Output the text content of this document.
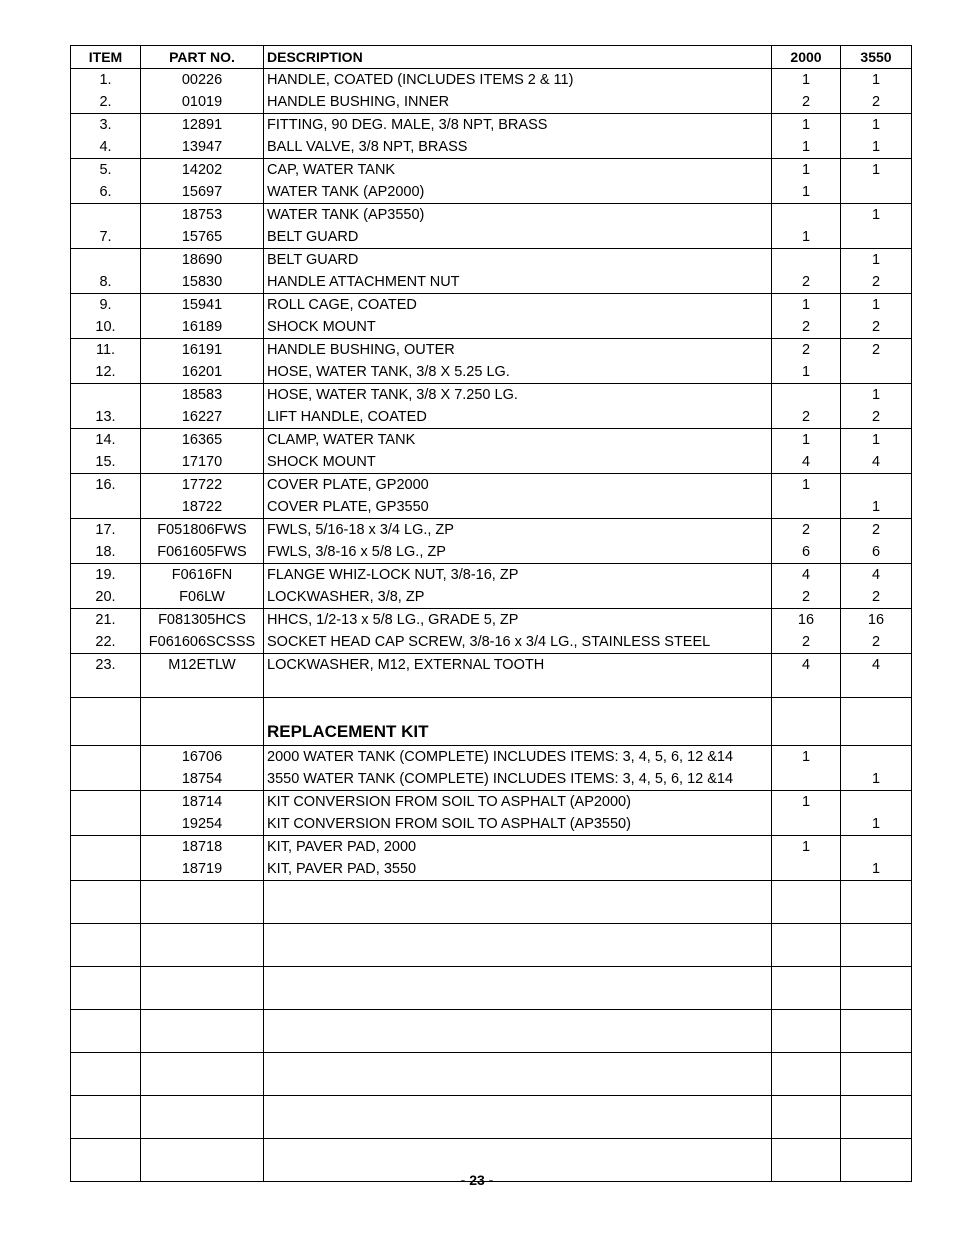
ITEM	PART NO.	DESCRIPTION	2000	3550
1.	00226	HANDLE, COATED (INCLUDES ITEMS 2 & 11)	1	1
2.	01019	HANDLE BUSHING, INNER	2	2
3.	12891	FITTING, 90 DEG. MALE, 3/8 NPT, BRASS	1	1
4.	13947	BALL VALVE, 3/8 NPT, BRASS	1	1
5.	14202	CAP, WATER TANK	1	1
6.	15697	WATER TANK (AP2000)	1	
	18753	WATER TANK (AP3550)		1
7.	15765	BELT GUARD	1	
	18690	BELT GUARD		1
8.	15830	HANDLE ATTACHMENT NUT	2	2
9.	15941	ROLL CAGE, COATED	1	1
10.	16189	SHOCK MOUNT	2	2
11.	16191	HANDLE BUSHING, OUTER	2	2
12.	16201	HOSE, WATER TANK, 3/8 X 5.25 LG.	1	
	18583	HOSE, WATER TANK, 3/8 X 7.250 LG.		1
13.	16227	LIFT HANDLE, COATED	2	2
14.	16365	CLAMP, WATER TANK	1	1
15.	17170	SHOCK MOUNT	4	4
16.	17722	COVER PLATE, GP2000	1	
	18722	COVER PLATE, GP3550		1
17.	F051806FWS	FWLS, 5/16-18 x 3/4 LG., ZP	2	2
18.	F061605FWS	FWLS, 3/8-16 x 5/8 LG., ZP	6	6
19.	F0616FN	FLANGE WHIZ-LOCK NUT, 3/8-16, ZP	4	4
20.	F06LW	LOCKWASHER, 3/8, ZP	2	2
21.	F081305HCS	HHCS, 1/2-13 x 5/8 LG., GRADE 5, ZP	16	16
22.	F061606SCSSS	SOCKET HEAD CAP SCREW, 3/8-16 x 3/4 LG., STAINLESS STEEL	2	2
23.	M12ETLW	LOCKWASHER, M12, EXTERNAL TOOTH	4	4

		REPLACEMENT KIT		
	16706	2000 WATER TANK (COMPLETE) INCLUDES ITEMS: 3, 4, 5, 6, 12 &14	1	
	18754	3550 WATER TANK (COMPLETE) INCLUDES ITEMS: 3, 4, 5, 6, 12 &14		1
	18714	KIT CONVERSION FROM SOIL TO ASPHALT (AP2000)	1	
	19254	KIT CONVERSION FROM SOIL TO ASPHALT (AP3550)		1
	18718	KIT, PAVER PAD, 2000	1	
	18719	KIT, PAVER PAD, 3550		1

- 23 -
